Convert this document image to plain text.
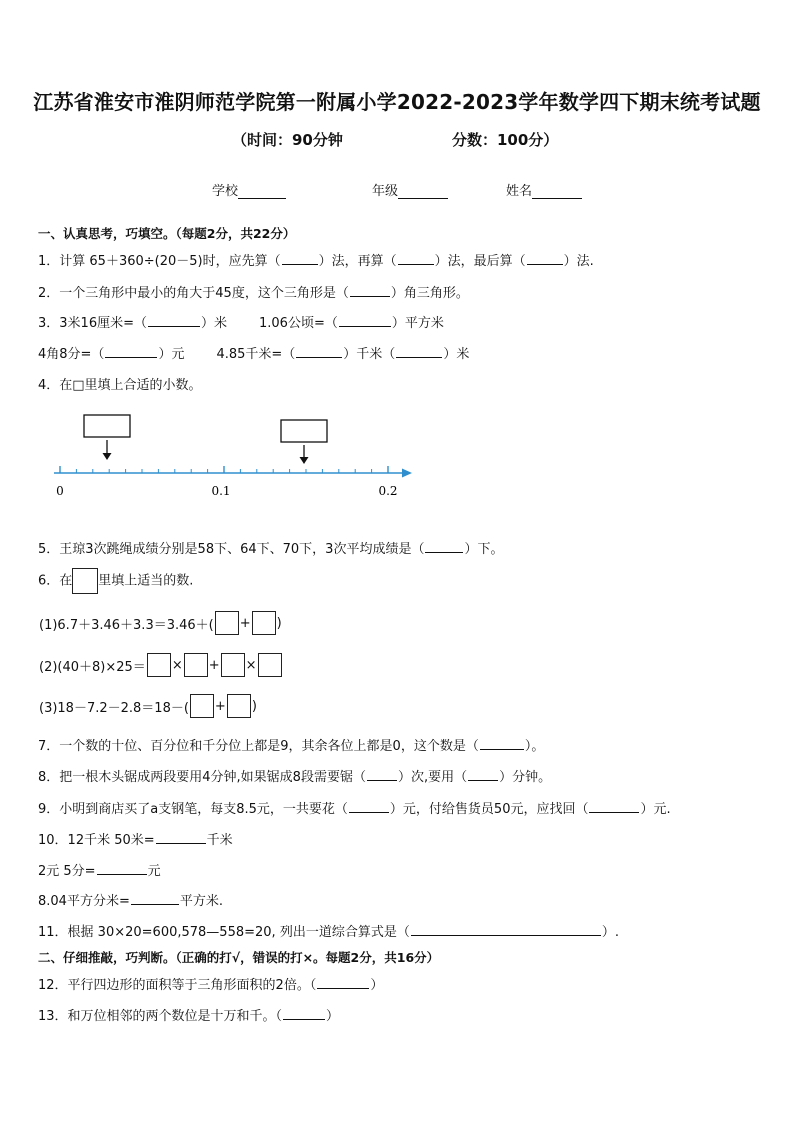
江苏省淮安市淮阴师范学院第一附属小学2022-2023学年数学四下期末统考试题
（时间：90分钟	分数：100分）
学校	年级	姓名
一、认真思考，巧填空。（每题2分，共22分）
1．计算 65＋360÷(20－5)时，应先算（	）法，再算（	）法，最后算（	）法.
2．一个三角形中最小的角大于45度，这个三角形是（	）角三角形。
3．3米16厘米=（	）米 1.06公顷=（	）平方米
4角8分=（	）元 4.85千米=（	）千米（	）米
4．在□里填上合适的小数。
0	0.1	0.2
5．王琼3次跳绳成绩分别是58下、64下、70下，3次平均成绩是（	）下。
6．在 里填上适当的数.
(1)6.7＋3.46＋3.3＝3.46＋( + )
(2)(40＋8)×25＝ × + ×
(3)18－7.2－2.8＝18－( + )
7．一个数的十位、百分位和千分位上都是9，其余各位上都是0，这个数是（	）。
8．把一根木头锯成两段要用4分钟,如果锯成8段需要锯（ ）次,要用（ ）分钟。
9．小明到商店买了a支钢笔，每支8.5元，一共要花（	）元，付给售货员50元，应找回（	）元.
10．12千米 50米=	千米
2元 5分=	元
8.04平方分米=	平方米.
11．根据 30×20=600,578—558=20, 列出一道综合算式是（	）.
二、仔细推敲，巧判断。（正确的打√，错误的打×。每题2分，共16分）
12．平行四边形的面积等于三角形面积的2倍。（	）
13．和万位相邻的两个数位是十万和千。（	）
